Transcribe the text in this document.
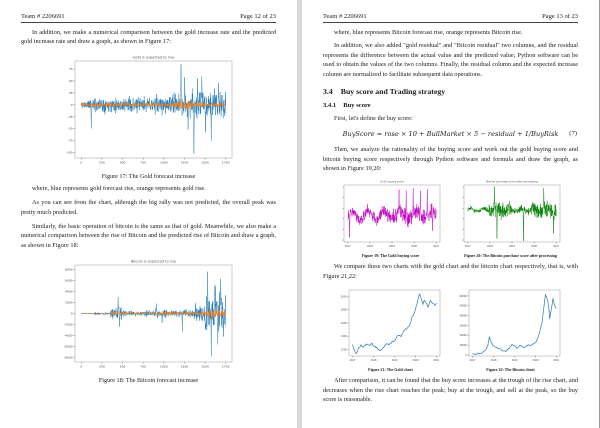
Team # 2206691	Page 12 of 23

In addition, we make a numerical comparison between the gold increase rate and the predicted gold increase rate and draw a graph, as shown in Figure 17:

Gold is expected to rise
75
50
25
0
-25
-50
-75
-100
0	250	500	750	1000	1250	1500	1750
Figure 17: The Gold forecast increase

where, blue represents gold forecast rise, orange represents gold rise.

As you can see from the chart, although the big rally was not predicted, the overall peak was pretty much predicted.

Similarly, the basic operation of bitcoin is the same as that of gold. Meanwhile, we also make a numerical comparison between the rise of Bitcoin and the predicted rise of Bitcoin and draw a graph, as shown in Figure 18:

Bitcoin is expected to rise
8000
6000
4000
2000
0
-2000
-4000
-6000
-8000
0	250	500	750	1000	1250	1500	1750
Figure 18: The Bitcoin forecast increase
Team # 2206691	Page 13 of 23

where, blue represents Bitcoin forecast rise, orange represents Bitcoin rise.

In addition, we also added "gold residual" and "Bitcoin residual" two columns, and the residual represents the difference between the actual value and the predicted value; Python software can be used to obtain the values of the two columns. Finally, the residual column and the expected increase column are normalized to facilitate subsequent data operations.

3.4 Buy score and Trading strategy
3.4.1 Buy score

First, let's define the buy score:

BuyScore = rose × 10 + BullMarket × 5 − residual + 1/BuyRisk (7)

Then, we analyze the rationality of the buying score and work out the gold buying score and bitcoin buying score respectively through Python software and formula and draw the graph, as shown in Figure 19,20:

Gold buying score
2017	2018	2019	2020	2021
Figure 19: The Gold buying score
Bitcoin purchase score after processing
2017	2018	2019	2020	2021
Figure 20: The Bitcoin purchase score after processing

We compare these two charts with the gold chart and the bitcoin chart respectively, that is, with Figure 21,22:

1200
1400
1600
1800
2000
2017	2018	2019	2020	2021
Figure 21: The Gold chart
0
10000
20000
30000
40000
50000
60000
2017	2018	2019	2020	2021
Figure 22: The Bitcoin chart

After comparison, it can be found that the buy score increases at the trough of the rise chart, and decreases when the rise chart reaches the peak; buy at the trough, and sell at the peak, so the buy score is reasonable.
